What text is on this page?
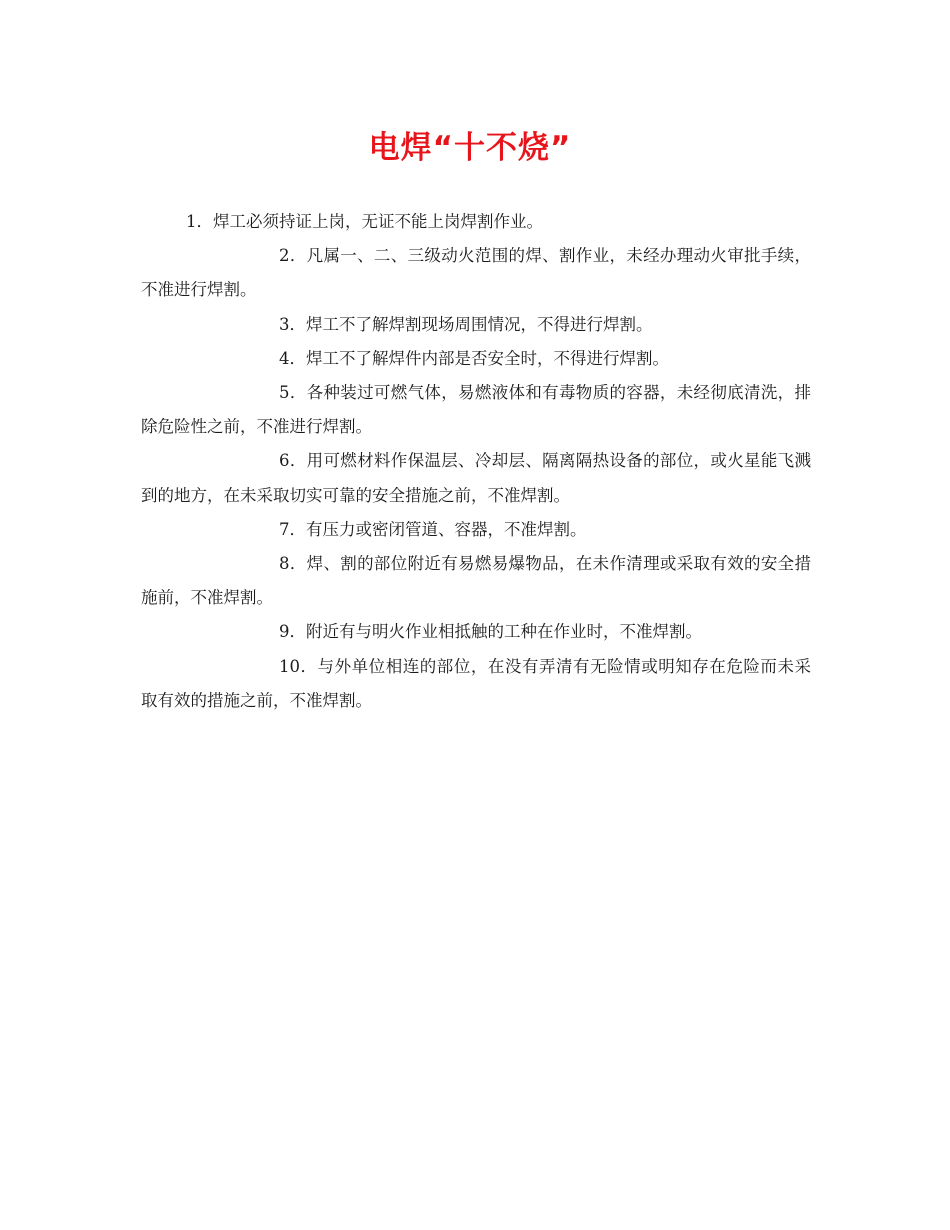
电焊“十不烧”

1．焊工必须持证上岗，无证不能上岗焊割作业。

2．凡属一、二、三级动火范围的焊、割作业，未经办理动火审批手续，不准进行焊割。

3．焊工不了解焊割现场周围情况，不得进行焊割。

4．焊工不了解焊件内部是否安全时，不得进行焊割。

5．各种装过可燃气体，易燃液体和有毒物质的容器，未经彻底清洗，排除危险性之前，不准进行焊割。

6．用可燃材料作保温层、冷却层、隔离隔热设备的部位，或火星能飞溅到的地方，在未采取切实可靠的安全措施之前，不准焊割。

7．有压力或密闭管道、容器，不准焊割。

8．焊、割的部位附近有易燃易爆物品，在未作清理或采取有效的安全措施前，不准焊割。

9．附近有与明火作业相抵触的工种在作业时，不准焊割。

10．与外单位相连的部位，在没有弄清有无险情或明知存在危险而未采取有效的措施之前，不准焊割。
